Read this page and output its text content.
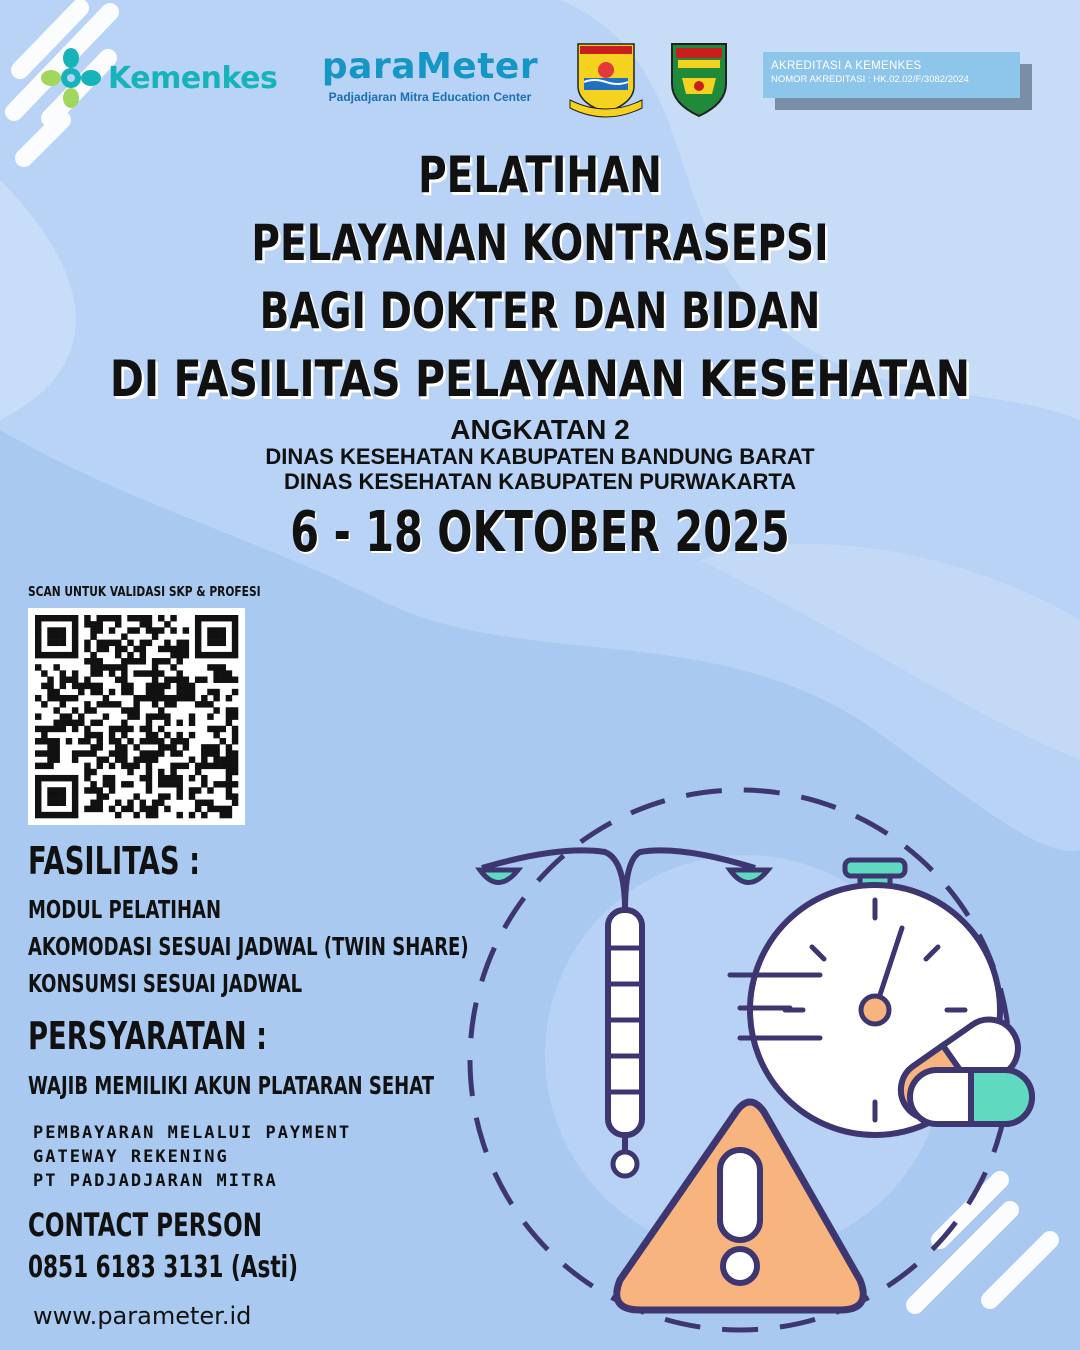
Kemenkes paraMeter
Padjadjaran Mitra Education Center
AKREDITASI A KEMENKES
NOMOR AKREDITASI : HK.02.02/F/3082/2024
PELATIHAN
PELAYANAN KONTRASEPSI
BAGI DOKTER DAN BIDAN
DI FASILITAS PELAYANAN KESEHATAN
ANGKATAN 2
DINAS KESEHATAN KABUPATEN BANDUNG BARAT
DINAS KESEHATAN KABUPATEN PURWAKARTA
6 - 18 OKTOBER 2025
SCAN UNTUK VALIDASI SKP & PROFESI
FASILITAS :
MODUL PELATIHAN
AKOMODASI SESUAI JADWAL (TWIN SHARE)
KONSUMSI SESUAI JADWAL
PERSYARATAN :
WAJIB MEMILIKI AKUN PLATARAN SEHAT
PEMBAYARAN MELALUI PAYMENT
GATEWAY REKENING
PT PADJADJARAN MITRA
CONTACT PERSON
0851 6183 3131 (Asti)
www.parameter.id
